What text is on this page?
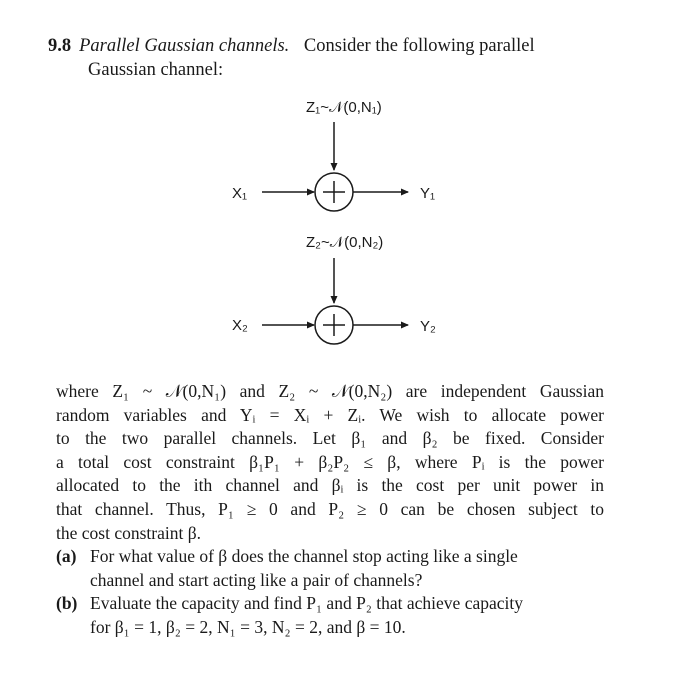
9.8 Parallel Gaussian channels. Consider the following parallel
Gaussian channel:
Z₁~𝒩(0,N₁)
X₁	Y₁
Z₂~𝒩(0,N₂)
X₂	Y₂
where Z₁ ~ 𝒩(0,N₁) and Z₂ ~ 𝒩(0,N₂) are independent Gaussian
random variables and Yᵢ = Xᵢ + Zᵢ. We wish to allocate power
to the two parallel channels. Let β₁ and β₂ be fixed. Consider
a total cost constraint β₁P₁ + β₂P₂ ≤ β, where Pᵢ is the power
allocated to the ith channel and βᵢ is the cost per unit power in
that channel. Thus, P₁ ≥ 0 and P₂ ≥ 0 can be chosen subject to
the cost constraint β.
(a) For what value of β does the channel stop acting like a single
channel and start acting like a pair of channels?
(b) Evaluate the capacity and find P₁ and P₂ that achieve capacity
for β₁ = 1, β₂ = 2, N₁ = 3, N₂ = 2, and β = 10.
